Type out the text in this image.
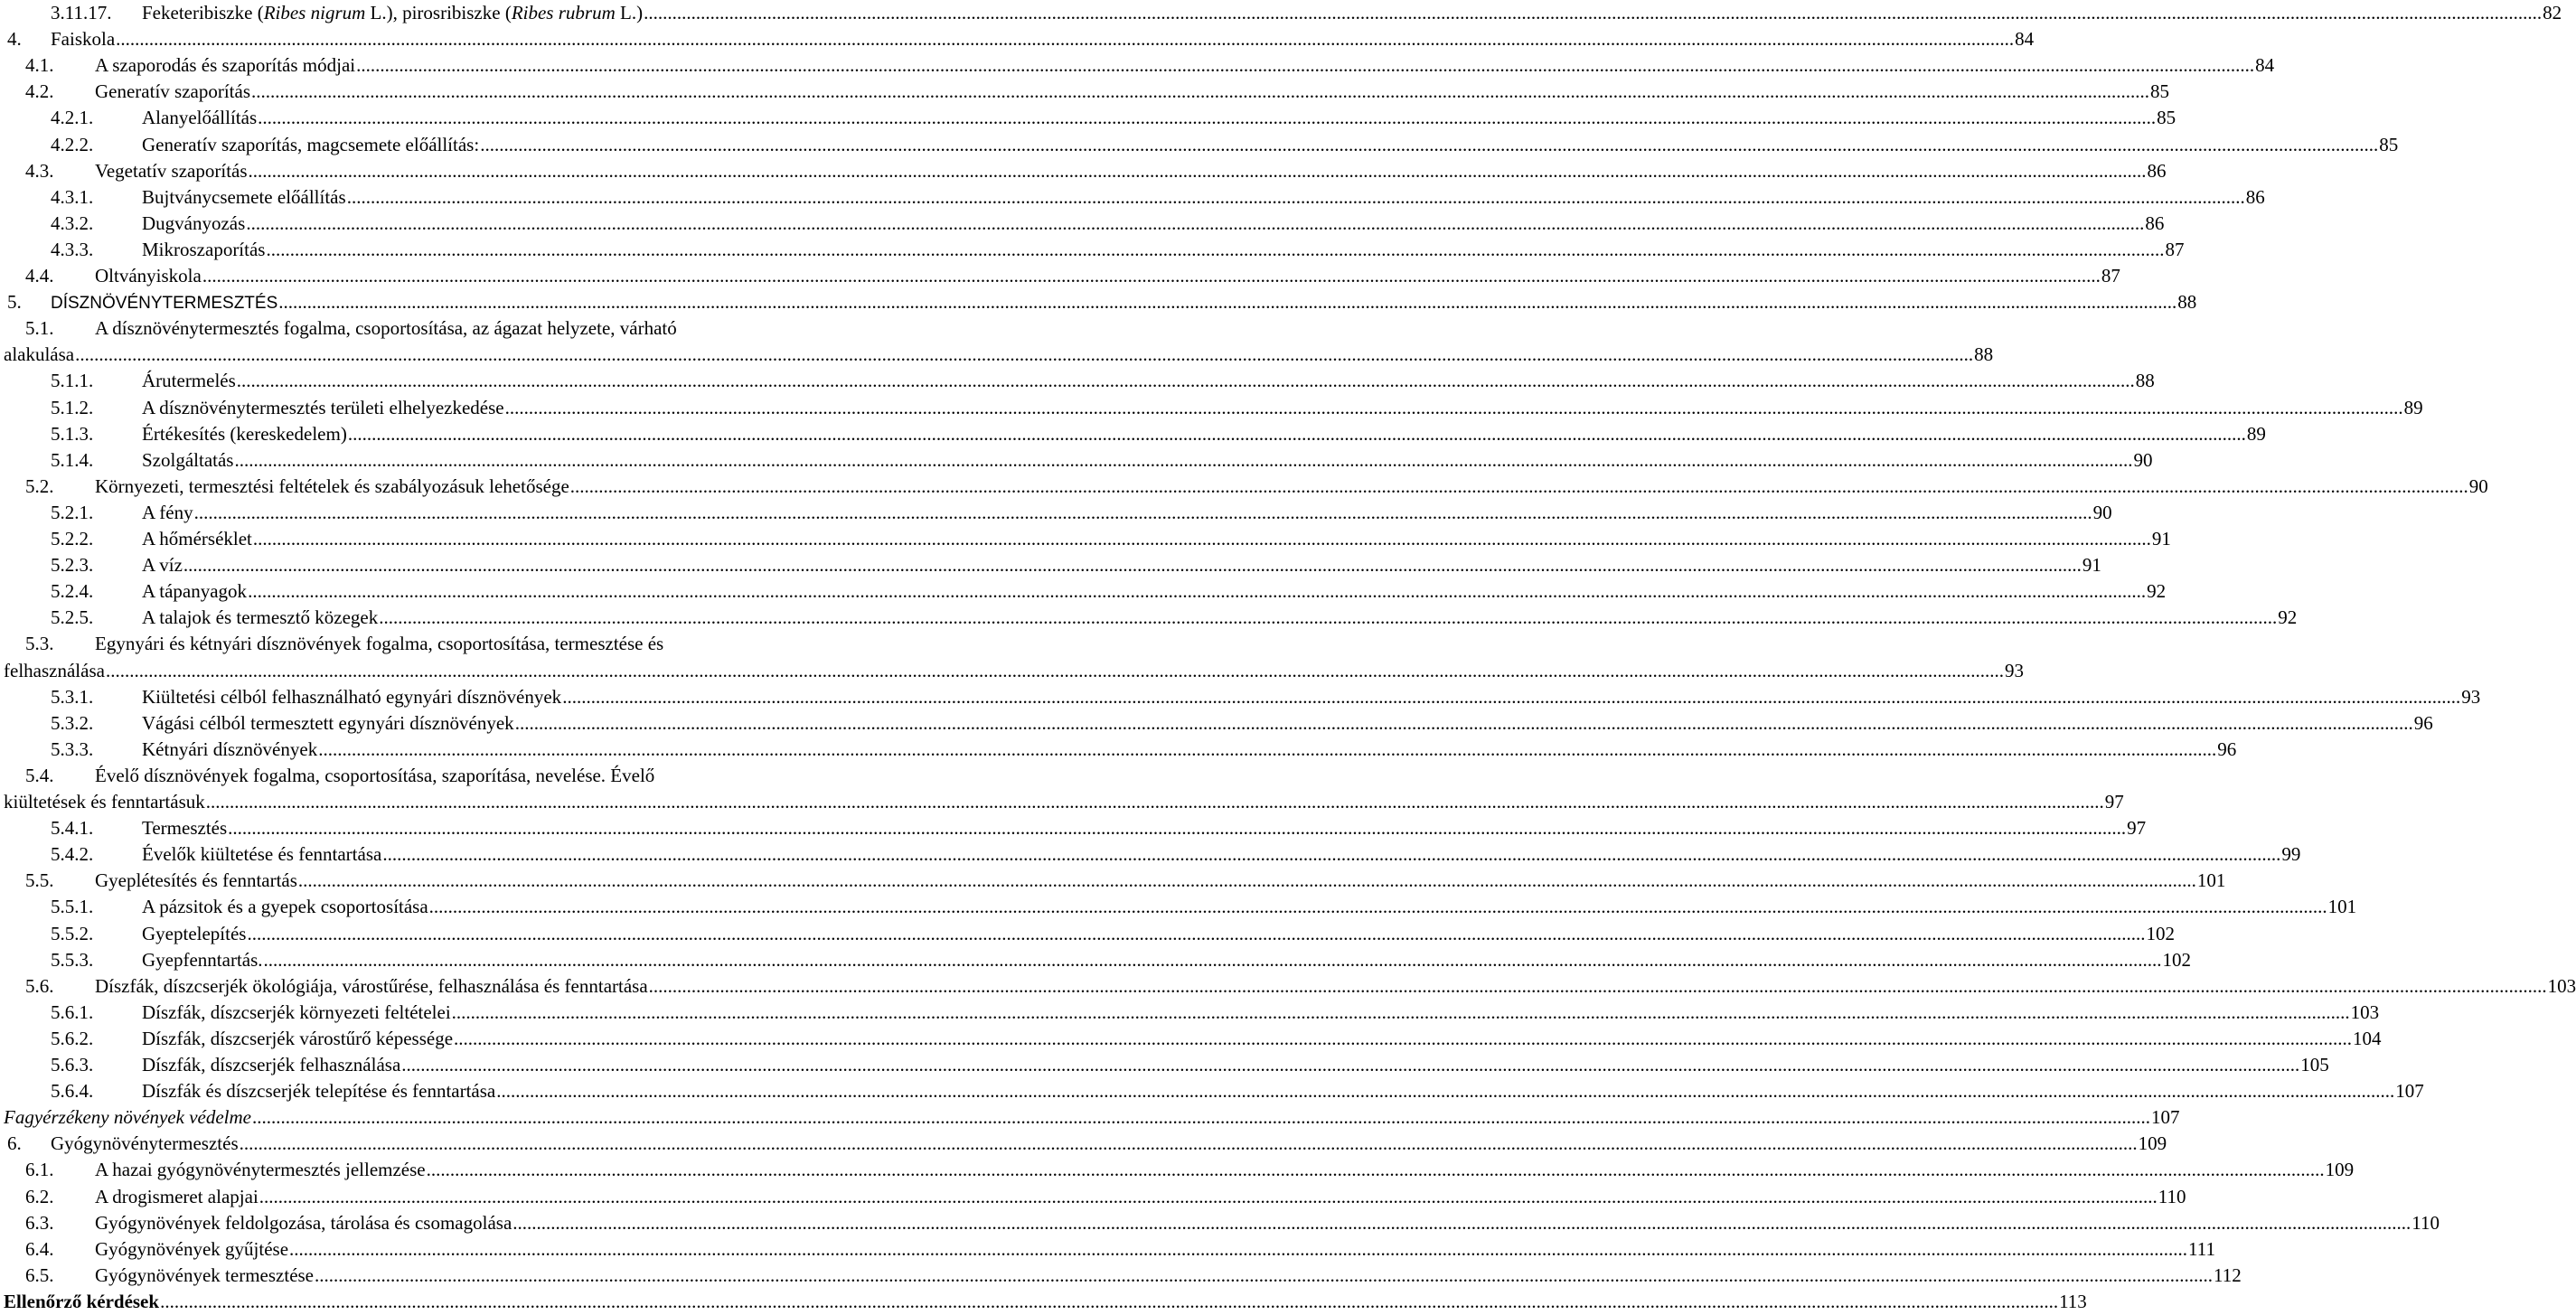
3.11.17. Feketeribiszke (Ribes nigrum L.), pirosribiszke (Ribes rubrum L.) ................................................................................................................................................................................................................................................................................................................................................................................................................ 82
4. Faiskola ................................................................................................................................................................................................................................................................................................................................................................................................................ 84
4.1. A szaporodás és szaporítás módjai ................................................................................................................................................................................................................................................................................................................................................................................................................ 84
4.2. Generatív szaporítás ................................................................................................................................................................................................................................................................................................................................................................................................................ 85
4.2.1.	Alanyelőállítás ................................................................................................................................................................................................................................................................................................................................................................................................................ 85
4.2.2.	Generatív szaporítás, magcsemete előállítás: ................................................................................................................................................................................................................................................................................................................................................................................................................ 85
4.3. Vegetatív szaporítás ................................................................................................................................................................................................................................................................................................................................................................................................................ 86
4.3.1.	Bujtványcsemete előállítás ................................................................................................................................................................................................................................................................................................................................................................................................................ 86
4.3.2.	Dugványozás ................................................................................................................................................................................................................................................................................................................................................................................................................ 86
4.3.3.	Mikroszaporítás ................................................................................................................................................................................................................................................................................................................................................................................................................ 87
4.4. Oltványiskola ................................................................................................................................................................................................................................................................................................................................................................................................................ 87
5. DÍSZNÖVÉNYTERMESZTÉS ................................................................................................................................................................................................................................................................................................................................................................................................................ 88
5.1. A dísznövénytermesztés fogalma, csoportosítása, az ágazat helyzete, várható
alakulása ................................................................................................................................................................................................................................................................................................................................................................................................................ 88
5.1.1.	Árutermelés ................................................................................................................................................................................................................................................................................................................................................................................................................ 88
5.1.2.	A dísznövénytermesztés területi elhelyezkedése ................................................................................................................................................................................................................................................................................................................................................................................................................ 89
5.1.3.	Értékesítés (kereskedelem) ................................................................................................................................................................................................................................................................................................................................................................................................................ 89
5.1.4.	Szolgáltatás ................................................................................................................................................................................................................................................................................................................................................................................................................ 90
5.2. Környezeti, termesztési feltételek és szabályozásuk lehetősége ................................................................................................................................................................................................................................................................................................................................................................................................................ 90
5.2.1.	A fény ................................................................................................................................................................................................................................................................................................................................................................................................................ 90
5.2.2.	A hőmérséklet ................................................................................................................................................................................................................................................................................................................................................................................................................ 91
5.2.3.	A víz ................................................................................................................................................................................................................................................................................................................................................................................................................ 91
5.2.4.	A tápanyagok ................................................................................................................................................................................................................................................................................................................................................................................................................ 92
5.2.5.	A talajok és termesztő közegek ................................................................................................................................................................................................................................................................................................................................................................................................................ 92
5.3. Egynyári és kétnyári dísznövények fogalma, csoportosítása, termesztése és
felhasználása ................................................................................................................................................................................................................................................................................................................................................................................................................ 93
5.3.1.	Kiültetési célból felhasználható egynyári dísznövények ................................................................................................................................................................................................................................................................................................................................................................................................................ 93
5.3.2.	Vágási célból termesztett egynyári dísznövények ................................................................................................................................................................................................................................................................................................................................................................................................................ 96
5.3.3.	Kétnyári dísznövények ................................................................................................................................................................................................................................................................................................................................................................................................................ 96
5.4. Évelő dísznövények fogalma, csoportosítása, szaporítása, nevelése. Évelő
kiültetések és fenntartásuk ................................................................................................................................................................................................................................................................................................................................................................................................................ 97
5.4.1.	Termesztés ................................................................................................................................................................................................................................................................................................................................................................................................................ 97
5.4.2.	Évelők kiültetése és fenntartása ................................................................................................................................................................................................................................................................................................................................................................................................................ 99
5.5. Gyeplétesítés és fenntartás ................................................................................................................................................................................................................................................................................................................................................................................................................ 101
5.5.1.	A pázsitok és a gyepek csoportosítása ................................................................................................................................................................................................................................................................................................................................................................................................................ 101
5.5.2.	Gyeptelepítés ................................................................................................................................................................................................................................................................................................................................................................................................................ 102
5.5.3.	Gyepfenntartás. ................................................................................................................................................................................................................................................................................................................................................................................................................ 102
5.6. Díszfák, díszcserjék ökológiája, várostűrése, felhasználása és fenntartása ................................................................................................................................................................................................................................................................................................................................................................................................................ 103
5.6.1.	Díszfák, díszcserjék környezeti feltételei ................................................................................................................................................................................................................................................................................................................................................................................................................ 103
5.6.2.	Díszfák, díszcserjék várostűrő képessége ................................................................................................................................................................................................................................................................................................................................................................................................................ 104
5.6.3.	Díszfák, díszcserjék felhasználása ................................................................................................................................................................................................................................................................................................................................................................................................................ 105
5.6.4.	Díszfák és díszcserjék telepítése és fenntartása ................................................................................................................................................................................................................................................................................................................................................................................................................ 107
Fagyérzékeny növények védelme ................................................................................................................................................................................................................................................................................................................................................................................................................ 107
6. Gyógynövénytermesztés ................................................................................................................................................................................................................................................................................................................................................................................................................ 109
6.1. A hazai gyógynövénytermesztés jellemzése ................................................................................................................................................................................................................................................................................................................................................................................................................ 109
6.2. A drogismeret alapjai ................................................................................................................................................................................................................................................................................................................................................................................................................ 110
6.3. Gyógynövények feldolgozása, tárolása és csomagolása ................................................................................................................................................................................................................................................................................................................................................................................................................ 110
6.4. Gyógynövények gyűjtése ................................................................................................................................................................................................................................................................................................................................................................................................................ 111
6.5. Gyógynövények termesztése ................................................................................................................................................................................................................................................................................................................................................................................................................ 112
Ellenőrző kérdések ................................................................................................................................................................................................................................................................................................................................................................................................................ 113
